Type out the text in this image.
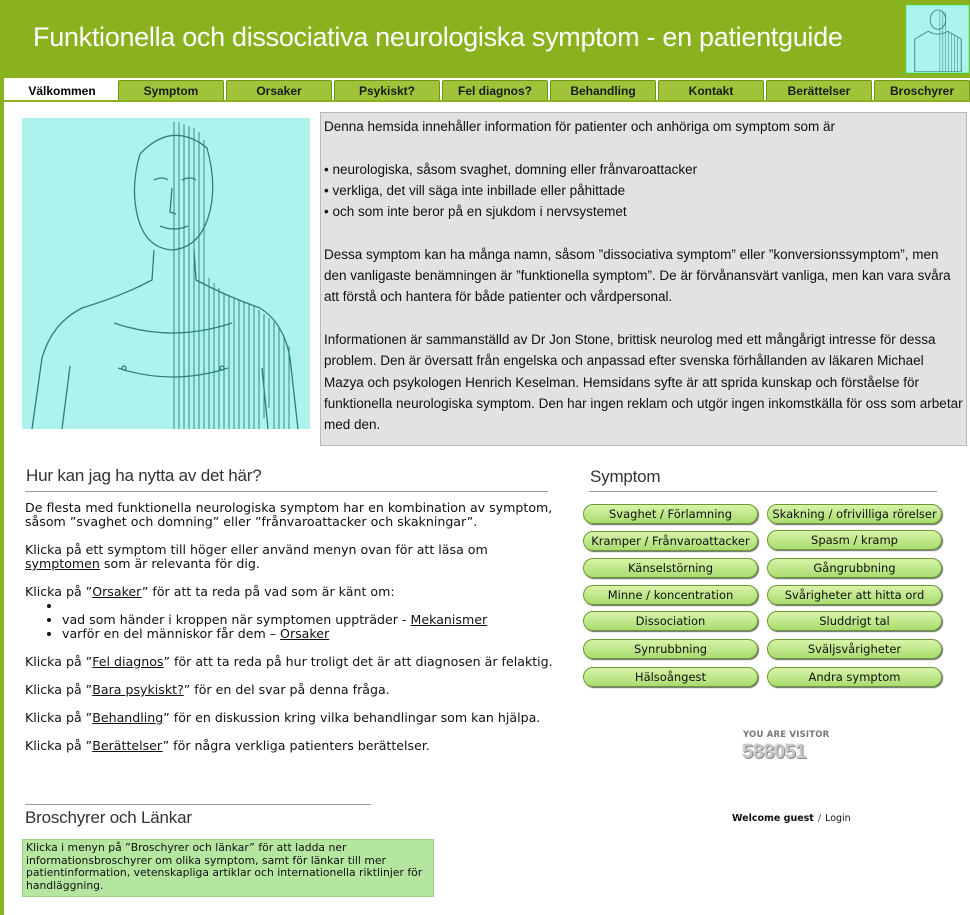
Funktionella och dissociativa neurologiska symptom - en patientguide
Välkommen	Symptom	Orsaker	Psykiskt?	Fel diagnos?	Behandling	Kontakt	Berättelser	Broschyrer

Denna hemsida innehåller information för patienter och anhöriga om symptom som är

• neurologiska, såsom svaghet, domning eller frånvaroattacker
• verkliga, det vill säga inte inbillade eller påhittade
• och som inte beror på en sjukdom i nervsystemet

Dessa symptom kan ha många namn, såsom ”dissociativa symptom” eller ”konversionssymptom”, men den vanligaste benämningen är ”funktionella symptom”. De är förvånansvärt vanliga, men kan vara svåra att förstå och hantera för både patienter och vårdpersonal.

Informationen är sammanställd av Dr Jon Stone, brittisk neurolog med ett mångårigt intresse för dessa problem. Den är översatt från engelska och anpassad efter svenska förhållanden av läkaren Michael Mazya och psykologen Henrich Keselman. Hemsidans syfte är att sprida kunskap och förståelse för funktionella neurologiska symptom. Den har ingen reklam och utgör ingen inkomstkälla för oss som arbetar med den.

Hur kan jag ha nytta av det här?

De flesta med funktionella neurologiska symptom har en kombination av symptom, såsom ”svaghet och domning” eller ”frånvaroattacker och skakningar”.

Klicka på ett symptom till höger eller använd menyn ovan för att läsa om symptomen som är relevanta för dig.

Klicka på ”Orsaker” för att ta reda på vad som är känt om:

•
• vad som händer i kroppen när symptomen uppträder - Mekanismer
• varför en del människor får dem – Orsaker

Klicka på ”Fel diagnos” för att ta reda på hur troligt det är att diagnosen är felaktig.

Klicka på ”Bara psykiskt?” för en del svar på denna fråga.

Klicka på ”Behandling” för en diskussion kring vilka behandlingar som kan hjälpa.

Klicka på ”Berättelser” för några verkliga patienters berättelser.

Symptom
Svaghet / Förlamning
Kramper / Frånvaroattacker
Känselstörning
Minne / koncentration
Dissociation
Synrubbning
Hälsoångest
Skakning / ofrivilliga rörelser
Spasm / kramp
Gångrubbning
Svårigheter att hitta ord
Sluddrigt tal
Sväljsvårigheter
Andra symptom
YOU ARE VISITOR
588051
Broschyrer och Länkar	Welcome guest / Login
Klicka i menyn på ”Broschyrer och länkar” för att ladda ner informationsbroschyrer om olika symptom, samt för länkar till mer patientinformation, vetenskapliga artiklar och internationella riktlinjer för handläggning.
